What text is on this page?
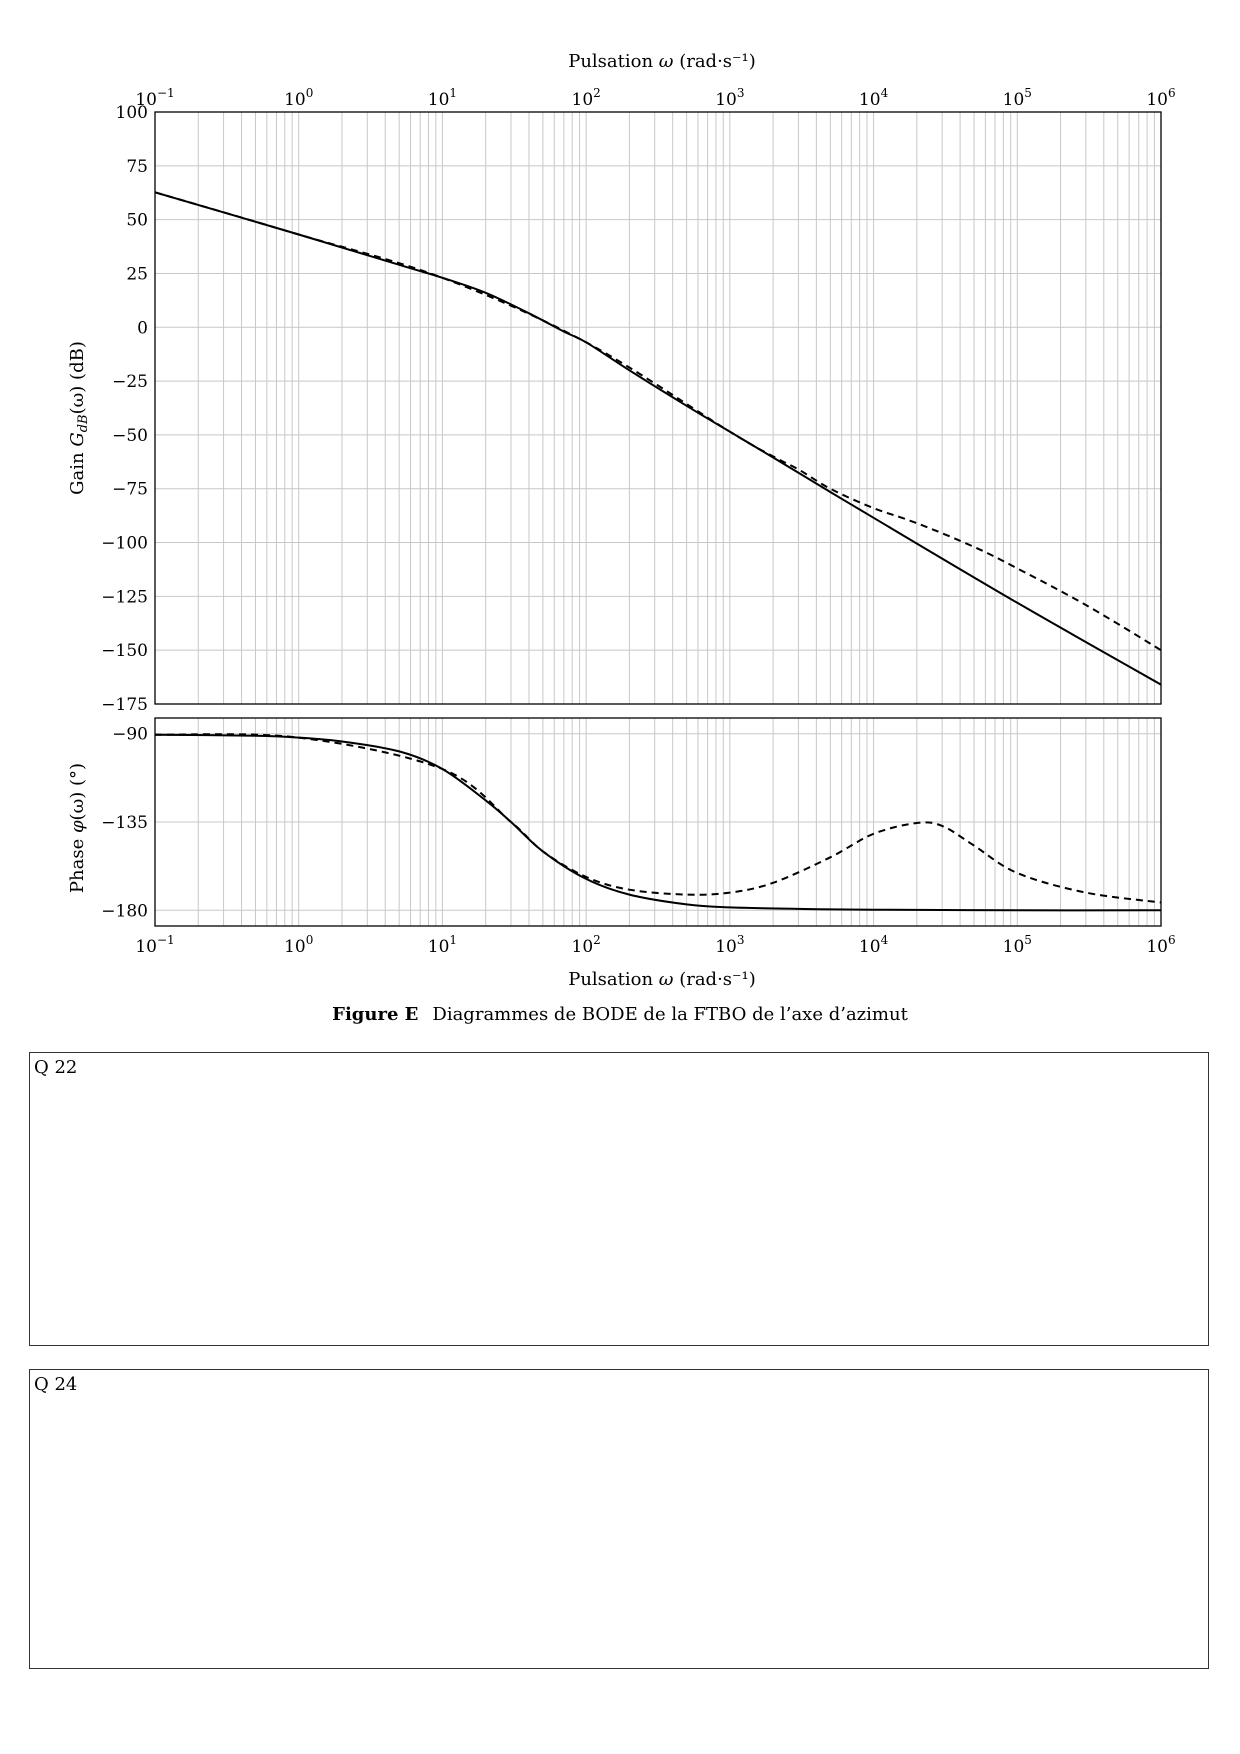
100
75
50
25
0
−25
−50
−75
−100
−125
−150
−175
−90
−135
−180
$10^{-1}$	$10^0$	$10^1$	$10^2$	$10^3$	$10^4$	$10^5$	$10^6$
$10^{-1}$	$10^0$	$10^1$	$10^2$	$10^3$	$10^4$	$10^5$	$10^6$
Pulsation ω (rad·s⁻¹)
Pulsation ω (rad·s⁻¹)
Gain $G_{dB}(\omega)$ (dB)
Phase φ(ω) (°)
Figure E Diagrammes de BODE de la FTBO de l’axe d’azimut
Q 22
Q 24
